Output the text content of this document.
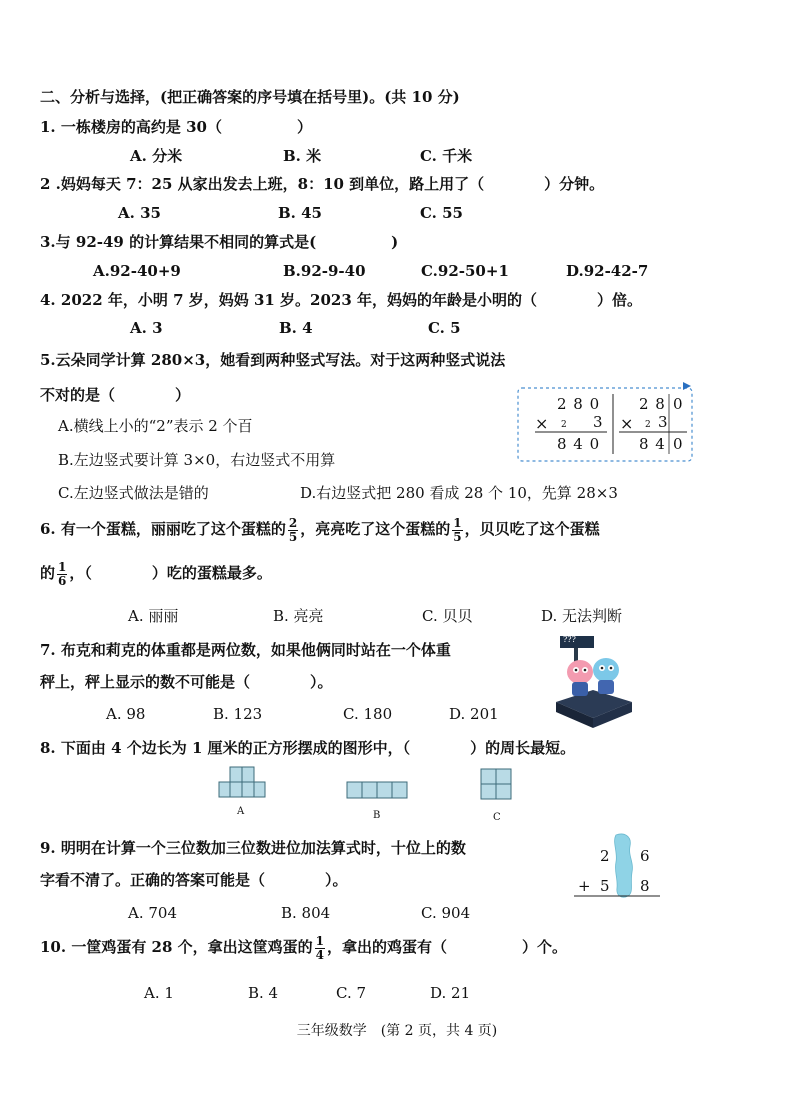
二、分析与选择，(把正确答案的序号填在括号里)。(共 10 分)
1. 一栋楼房的高约是 30（　　　　　）
A. 分米	B. 米	C. 千米
2 .妈妈每天 7：25 从家出发去上班，8：10 到单位，路上用了（　　　　）分钟。
A. 35	B. 45	C. 55
3.与 92-49 的计算结果不相同的算式是(　　　　　)
A.92-40+9	B.92-9-40	C.92-50+1	D.92-42-7
4. 2022 年，小明 7 岁，妈妈 31 岁。2023 年，妈妈的年龄是小明的（　　　　）倍。
A. 3	B. 4	C. 5
5.云朵同学计算 280×3，她看到两种竖式写法。对于这两种竖式说法
不对的是（　　　　）
A.横线上小的“2”表示 2 个百
B.左边竖式要计算 3×0，右边竖式不用算
C.左边竖式做法是错的	D.右边竖式把 280 看成 28 个 10，先算 28×3
2 8 0
× 2 3
8 4 0
2 8 0
× 2 3
8 4 0
6. 有一个蛋糕，丽丽吃了这个蛋糕的 $\frac{2}{5}$ ，亮亮吃了这个蛋糕的 $\frac{1}{5}$ ，贝贝吃了这个蛋糕
的 $\frac{1}{6}$ ，（　　　　）吃的蛋糕最多。
A. 丽丽	B. 亮亮	C. 贝贝	D. 无法判断
7. 布克和莉克的体重都是两位数，如果他俩同时站在一个体重
秤上，秤上显示的数不可能是（　　　　）。
A. 98	B. 123	C. 180	D. 201
???
8. 下面由 4 个边长为 1 厘米的正方形摆成的图形中，（　　　　）的周长最短。
A	B	C
9. 明明在计算一个三位数加三位数进位加法算式时，十位上的数
字看不清了。正确的答案可能是（　　　　）。
A. 704	B. 804	C. 904
2 6
+ 5 8
10. 一筐鸡蛋有 28 个，拿出这筐鸡蛋的 $\frac{1}{4}$ ，拿出的鸡蛋有（　　　　　）个。
A. 1	B. 4	C. 7	D. 21
三年级数学　(第 2 页，共 4 页)
